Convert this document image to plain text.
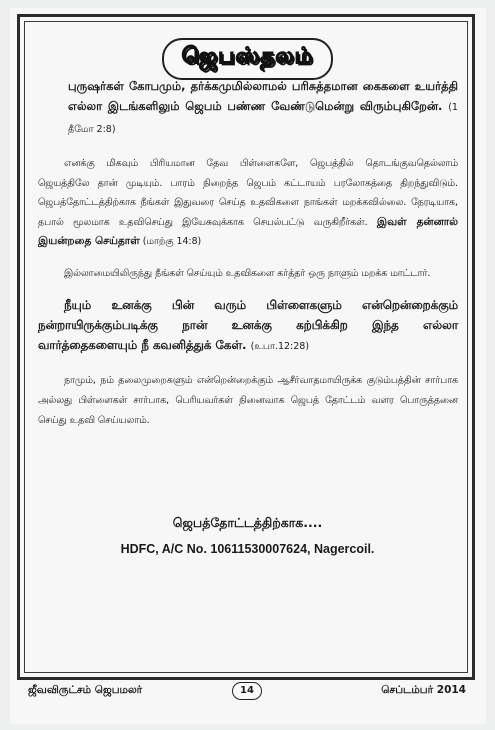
ஜெபஸ்தலம்

புருஷர்கள் கோபமும், தர்க்கமுமில்லாமல் பரிசுத்தமான கைகளை உயர்த்தி எல்லா இடங்களிலும் ஜெபம் பண்ண வேண்டுமென்று விரும்புகிறேன். (1 தீமோ 2:8)

எனக்கு மிகவும் பிரியமான தேவ பிள்ளைகளே, ஜெபத்தில் தொடங்குவதெல்லாம் ஜெயத்திலே தான் முடியும். பாரம் நிறைந்த ஜெபம் கட்டாயம் பரலோகத்தை திறந்துவிடும். ஜெபத்தோட்டத்திற்காக நீங்கள் இதுவரை செய்த உதவிகளை நாங்கள் மறக்கவில்லை. நேரடியாக, தபால் மூலமாக உதவிசெய்து இயேசுவுக்காக செயல்பட்டு வருகிறீர்கள். இவள் தன்னால் இயன்றதை செய்தாள் (மாற்கு 14:8)

இல்லாமையிலிருந்து நீங்கள் செய்யும் உதவிகளை கர்த்தர் ஒரு நாளும் மறக்க மாட்டார்.

நீயும் உனக்கு பின் வரும் பிள்ளைகளும் என்றென்றைக்கும் நன்றாயிருக்கும்படிக்கு நான் உனக்கு கற்பிக்கிற இந்த எல்லா வார்த்தைகளையும் நீ கவனித்துக் கேள். (உபா.12:28)

நாமும், நம் தலைமுறைகளும் என்றென்றைக்கும் ஆசீர்வாதமாயிருக்க குடும்பத்தின் சார்பாக அல்லது பிள்ளைகள் சார்பாக, பெரியவர்கள் நினைவாக ஜெபத் தோட்டம் வளர பொருத்தனை செய்து உதவி செய்யலாம்.

ஜெபத்தோட்டத்திற்காக....
HDFC, A/C No. 10611530007624, Nagercoil.
ஜீவவிருட்சம் ஜெபமலர்	14	செப்டம்பர் 2014
